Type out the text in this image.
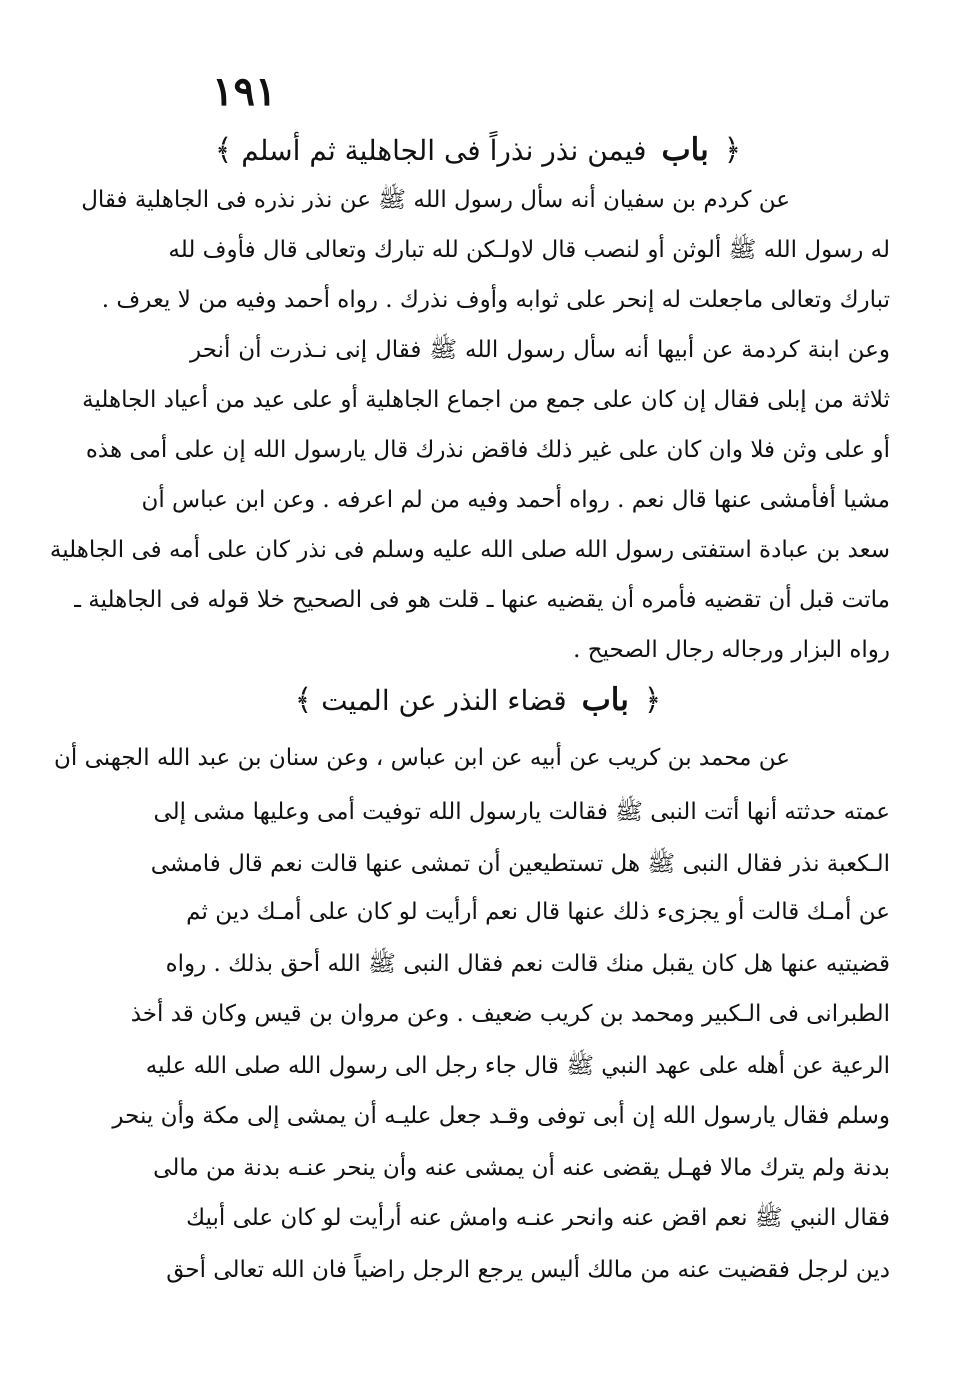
١٩١
﴿ باب فيمن نذر نذراً فى الجاهلية ثم أسلم ﴾
عن كردم بن سفيان أنه سأل رسول الله ﷺ عن نذر نذره فى الجاهلية فقال
له رسول الله ﷺ ألوثن أو لنصب قال لاولـكن لله تبارك وتعالى قال فأوف لله
تبارك وتعالى ماجعلت له إنحر على ثوابه وأوف نذرك . رواه أحمد وفيه من لا يعرف .
وعن ابنة كردمة عن أبيها أنه سأل رسول الله ﷺ فقال إنى نـذرت أن أنحر
ثلاثة من إبلى فقال إن كان على جمع من اجماع الجاهلية أو على عيد من أعياد الجاهلية
أو على وثن فلا وان كان على غير ذلك فاقض نذرك قال يارسول الله إن على أمى هذه
مشيا أفأمشى عنها قال نعم . رواه أحمد وفيه من لم اعرفه . وعن ابن عباس أن
سعد بن عبادة استفتى رسول الله صلى الله عليه وسلم فى نذر كان على أمه فى الجاهلية
ماتت قبل أن تقضيه فأمره أن يقضيه عنها ـ قلت هو فى الصحيح خلا قوله فى الجاهلية ـ
رواه البزار ورجاله رجال الصحيح .
﴿ باب قضاء النذر عن الميت ﴾
عن محمد بن كريب عن أبيه عن ابن عباس ، وعن سنان بن عبد الله الجهنى أن
عمته حدثته أنها أتت النبى ﷺ فقالت يارسول الله توفيت أمى وعليها مشى إلى
الـكعبة نذر فقال النبى ﷺ هل تستطيعين أن تمشى عنها قالت نعم قال فامشى
عن أمـك قالت أو يجزىء ذلك عنها قال نعم أرأيت لو كان على أمـك دين ثم
قضيتيه عنها هل كان يقبل منك قالت نعم فقال النبى ﷺ الله أحق بذلك . رواه
الطبرانى فى الـكبير ومحمد بن كريب ضعيف . وعن مروان بن قيس وكان قد أخذ
الرعية عن أهله على عهد النبي ﷺ قال جاء رجل الى رسول الله صلى الله عليه
وسلم فقال يارسول الله إن أبى توفى وقـد جعل عليـه أن يمشى إلى مكة وأن ينحر
بدنة ولم يترك مالا فهـل يقضى عنه أن يمشى عنه وأن ينحر عنـه بدنة من مالى
فقال النبي ﷺ نعم اقض عنه وانحر عنـه وامش عنه أرأيت لو كان على أبيك
دين لرجل فقضيت عنه من مالك أليس يرجع الرجل راضياً فان الله تعالى أحق
